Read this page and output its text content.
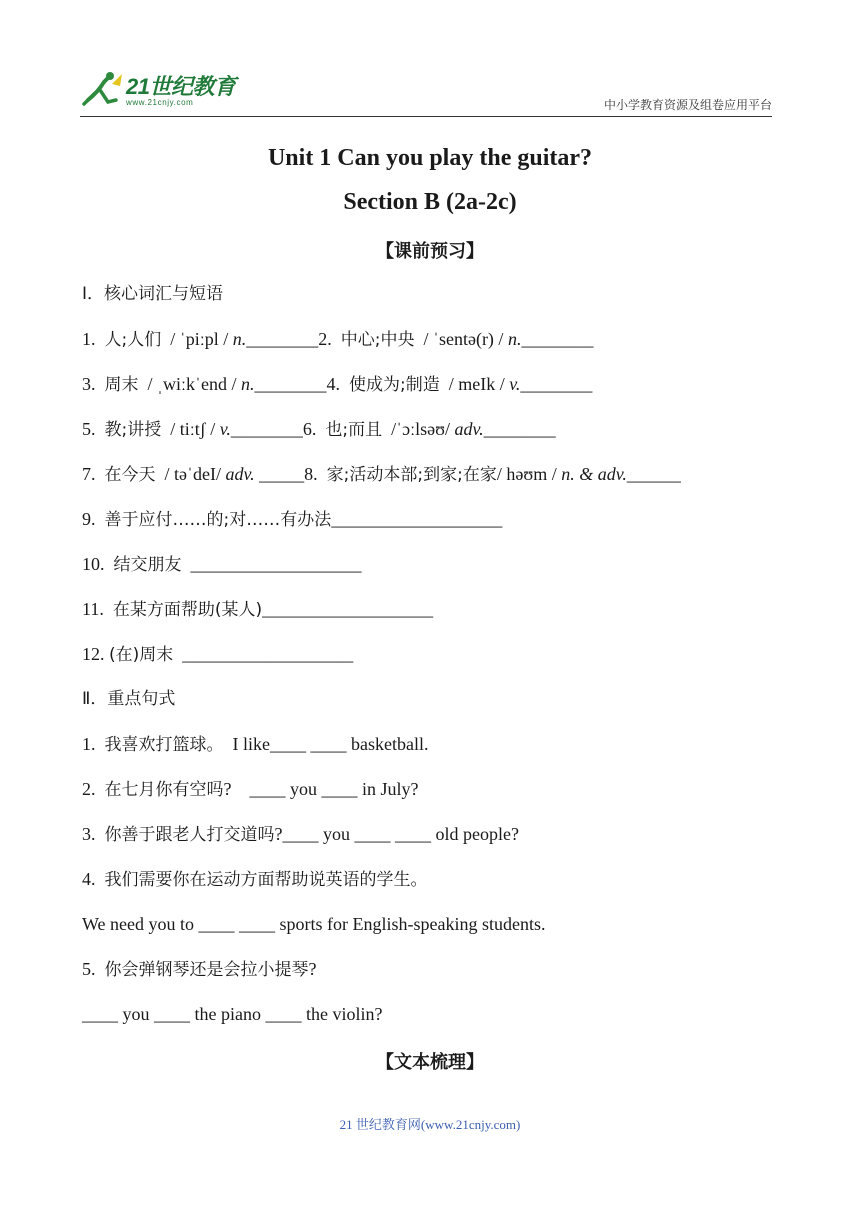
21世纪教育
www.21cnjy.com	中小学教育资源及组卷应用平台
Unit 1 Can you play the guitar?
Section B (2a-2c)
【课前预习】
Ⅰ．核心词汇与短语
1.  人;人们  / ˈpiːpl / n.________2.  中心;中央  / ˈsentə(r) / n.________
3.  周末  / ˌwiːkˈend / n.________4.  使成为;制造  / meIk / v.________
5.  教;讲授  / tiːtʃ / v.________6.  也;而且  /ˈɔːlsəʊ/ adv.________
7.  在今天  / təˈdeI/ adv. _____8.  家;活动本部;到家;在家/ həʊm / n. & adv.______
9.  善于应付……的;对……有办法___________________
10.  结交朋友  ___________________
11.  在某方面帮助(某人)___________________
12. (在)周末  ___________________
Ⅱ．重点句式
1.  我喜欢打篮球。  I like____ ____ basketball.
2.  在七月你有空吗?    ____ you ____ in July?
3.  你善于跟老人打交道吗?____ you ____ ____ old people?
4.  我们需要你在运动方面帮助说英语的学生。
We need you to ____ ____ sports for English-speaking students.
5.  你会弹钢琴还是会拉小提琴?
____ you ____ the piano ____ the violin?
【文本梳理】
21 世纪教育网(www.21cnjy.com)
